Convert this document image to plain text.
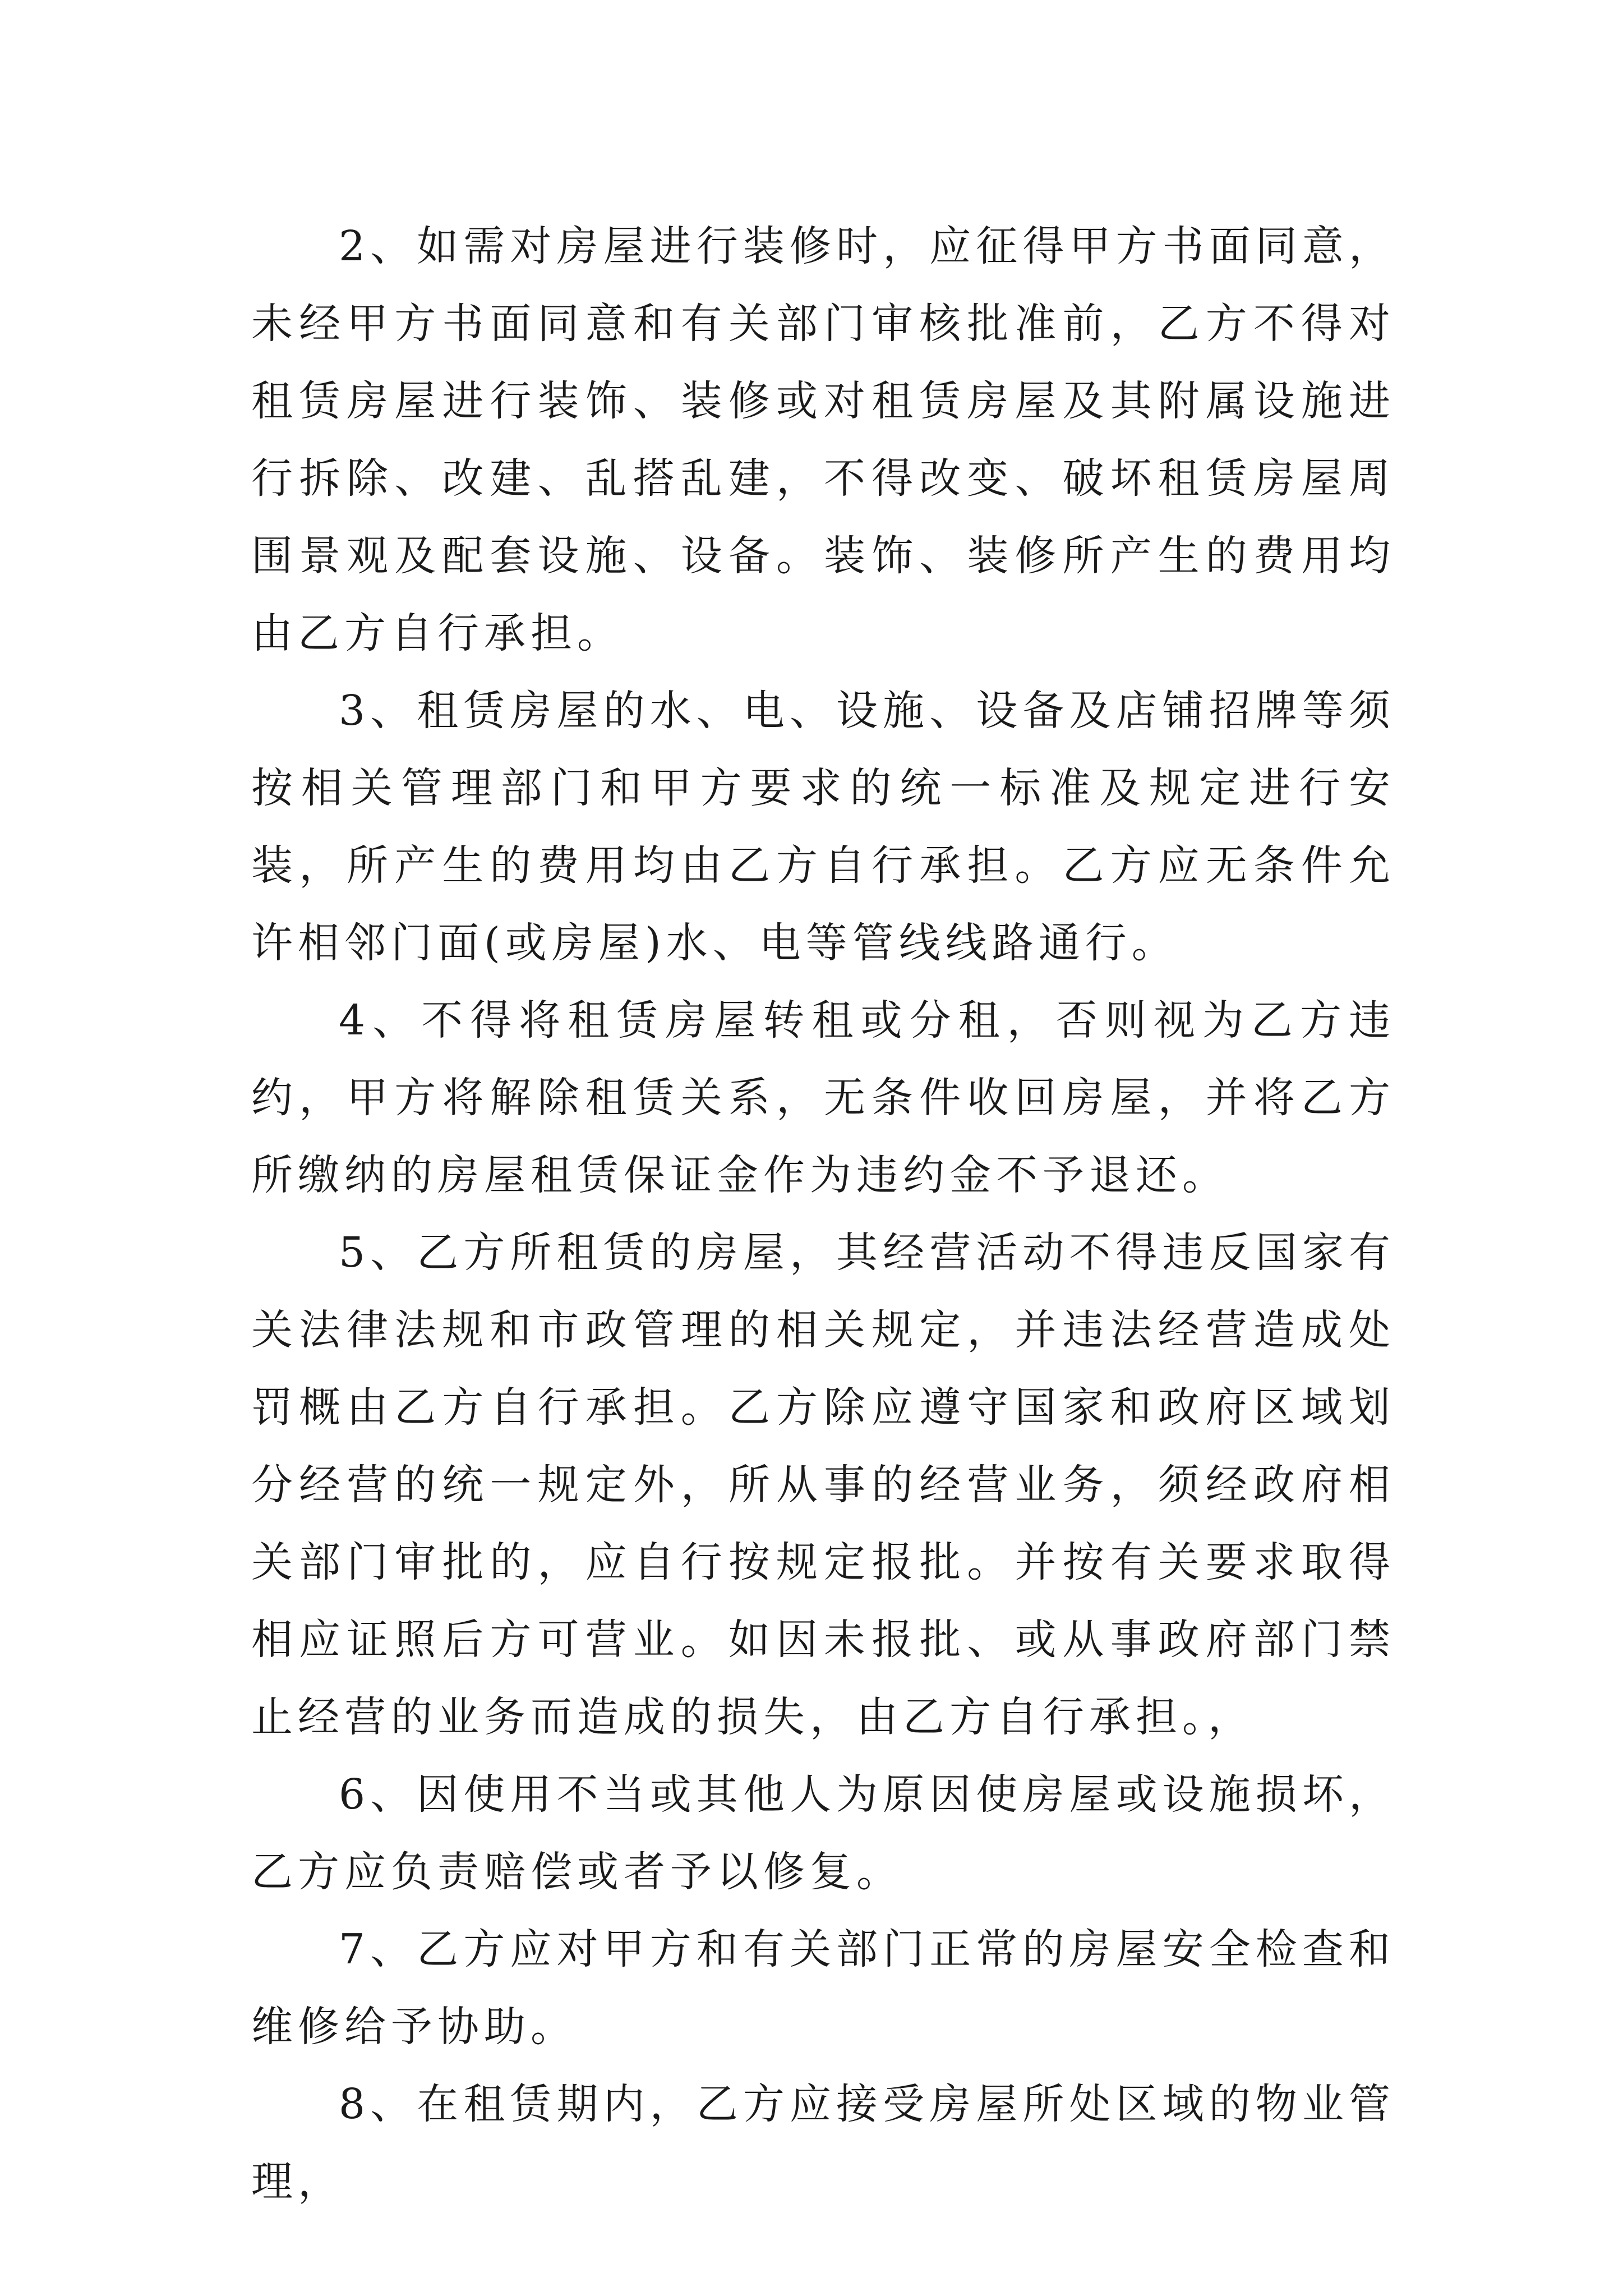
2、如需对房屋进行装修时，应征得甲方书面同意，未经甲方书面同意和有关部门审核批准前，乙方不得对租赁房屋进行装饰、装修或对租赁房屋及其附属设施进行拆除、改建、乱搭乱建，不得改变、破坏租赁房屋周围景观及配套设施、设备。装饰、装修所产生的费用均由乙方自行承担。

3、租赁房屋的水、电、设施、设备及店铺招牌等须按相关管理部门和甲方要求的统一标准及规定进行安装，所产生的费用均由乙方自行承担。乙方应无条件允许相邻门面(或房屋)水、电等管线线路通行。

4、不得将租赁房屋转租或分租，否则视为乙方违约，甲方将解除租赁关系，无条件收回房屋，并将乙方所缴纳的房屋租赁保证金作为违约金不予退还。

5、乙方所租赁的房屋，其经营活动不得违反国家有关法律法规和市政管理的相关规定，并违法经营造成处罚概由乙方自行承担。乙方除应遵守国家和政府区域划分经营的统一规定外，所从事的经营业务，须经政府相关部门审批的，应自行按规定报批。并按有关要求取得相应证照后方可营业。如因未报批、或从事政府部门禁止经营的业务而造成的损失，由乙方自行承担。，

6、因使用不当或其他人为原因使房屋或设施损坏，乙方应负责赔偿或者予以修复。

7、乙方应对甲方和有关部门正常的房屋安全检查和维修给予协助。

8、在租赁期内，乙方应接受房屋所处区域的物业管理，
